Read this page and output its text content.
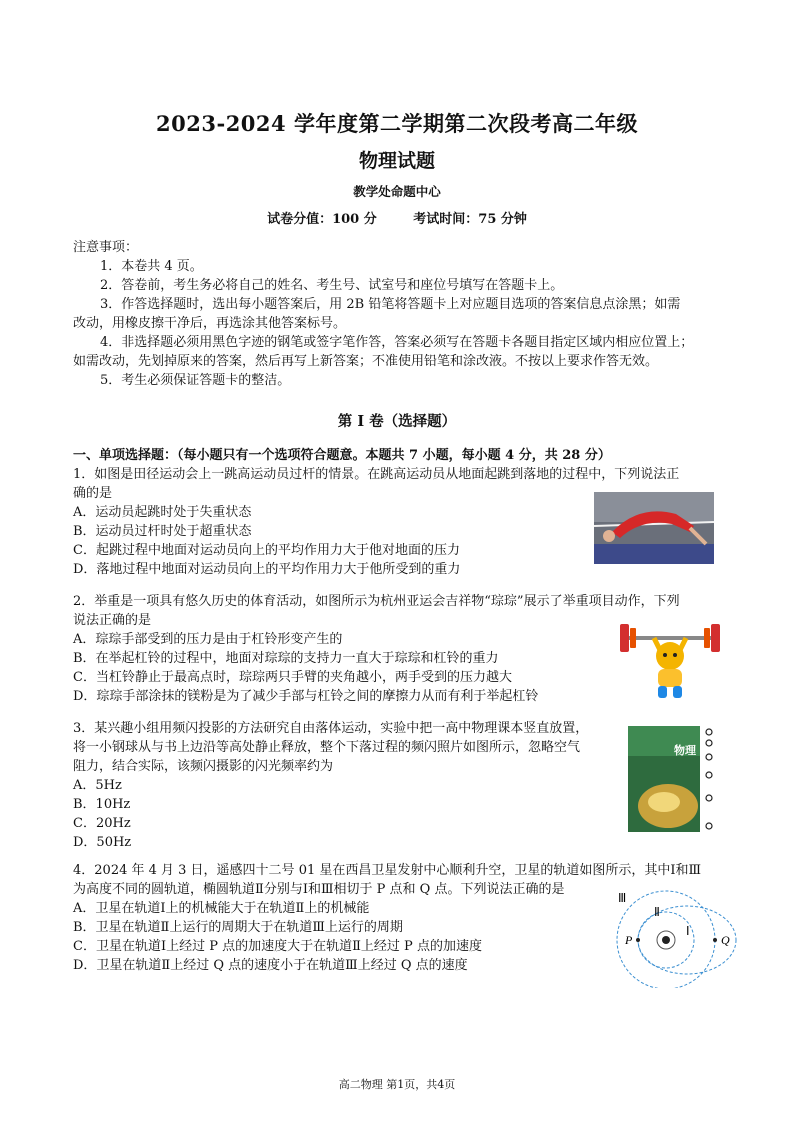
2023-2024 学年度第二学期第二次段考高二年级
物理试题
教学处命题中心
试卷分值：100 分	考试时间：75 分钟
注意事项：
1．本卷共 4 页。
2．答卷前，考生务必将自己的姓名、考生号、试室号和座位号填写在答题卡上。
3．作答选择题时，选出每小题答案后，用 2B 铅笔将答题卡上对应题目选项的答案信息点涂黑；如需
改动，用橡皮擦干净后，再选涂其他答案标号。
4．非选择题必须用黑色字迹的钢笔或签字笔作答，答案必须写在答题卡各题目指定区域内相应位置上；
如需改动，先划掉原来的答案，然后再写上新答案；不准使用铅笔和涂改液。不按以上要求作答无效。
5．考生必须保证答题卡的整洁。
第 I 卷（选择题）
一、单项选择题：（每小题只有一个选项符合题意。本题共 7 小题，每小题 4 分，共 28 分）
1．如图是田径运动会上一跳高运动员过杆的情景。在跳高运动员从地面起跳到落地的过程中，下列说法正
确的是
A．运动员起跳时处于失重状态
B．运动员过杆时处于超重状态
C．起跳过程中地面对运动员向上的平均作用力大于他对地面的压力
D．落地过程中地面对运动员向上的平均作用力大于他所受到的重力
2．举重是一项具有悠久历史的体育活动，如图所示为杭州亚运会吉祥物“琮琮”展示了举重项目动作，下列
说法正确的是
A．琮琮手部受到的压力是由于杠铃形变产生的
B．在举起杠铃的过程中，地面对琮琮的支持力一直大于琮琮和杠铃的重力
C．当杠铃静止于最高点时，琮琮两只手臂的夹角越小，两手受到的压力越大
D．琮琮手部涂抹的镁粉是为了减少手部与杠铃之间的摩擦力从而有利于举起杠铃
3．某兴趣小组用频闪投影的方法研究自由落体运动，实验中把一高中物理课本竖直放置，
将一小钢球从与书上边沿等高处静止释放，整个下落过程的频闪照片如图所示，忽略空气
阻力，结合实际，该频闪摄影的闪光频率约为
A．5Hz
B．10Hz
C．20Hz
D．50Hz
物理
4．2024 年 4 月 3 日，遥感四十二号 01 星在西昌卫星发射中心顺利升空，卫星的轨道如图所示，其中Ⅰ和Ⅲ
为高度不同的圆轨道，椭圆轨道Ⅱ分别与Ⅰ和Ⅲ相切于 P 点和 Q 点。下列说法正确的是
A．卫星在轨道Ⅰ上的机械能大于在轨道Ⅱ上的机械能
B．卫星在轨道Ⅱ上运行的周期大于在轨道Ⅲ上运行的周期
C．卫星在轨道Ⅰ上经过 P 点的加速度大于在轨道Ⅱ上经过 P 点的加速度
D．卫星在轨道Ⅱ上经过 Q 点的速度小于在轨道Ⅲ上经过 Q 点的速度
Ⅲ
Ⅱ
Ⅰ
P	Q
高二物理 第1页，共4页
